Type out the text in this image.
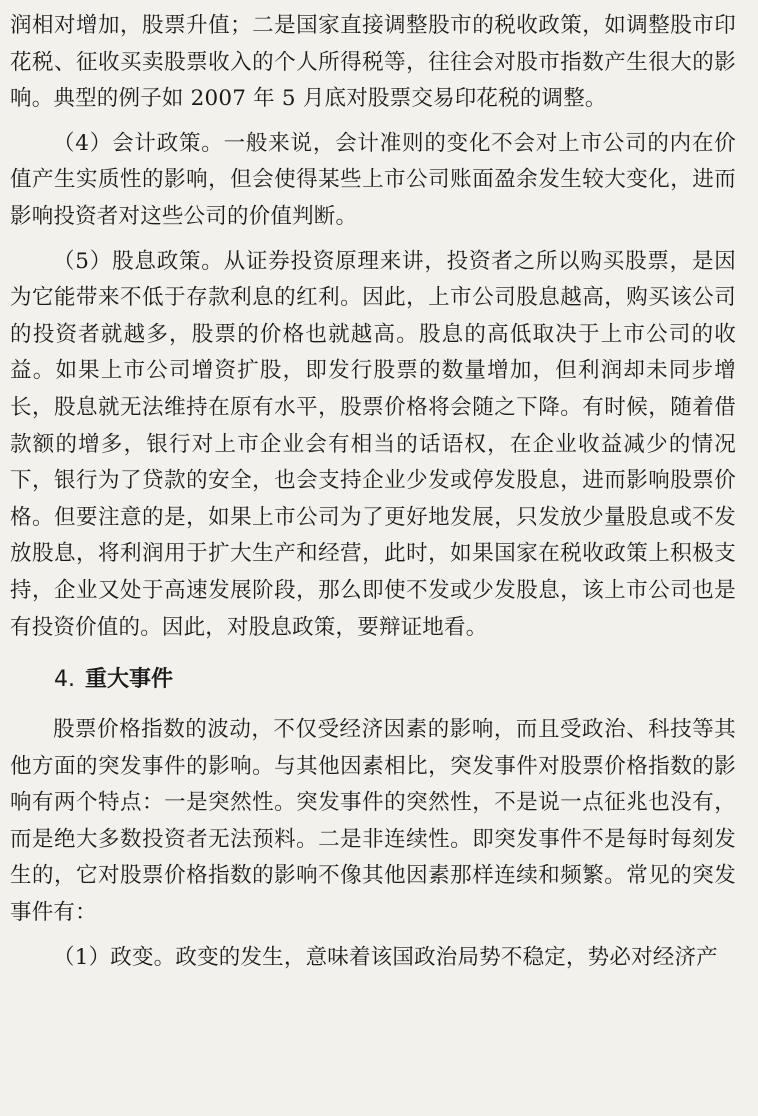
润相对增加，股票升值；二是国家直接调整股市的税收政策，如调整股市印花税、征收买卖股票收入的个人所得税等，往往会对股市指数产生很大的影响。典型的例子如 2007 年 5 月底对股票交易印花税的调整。

（4）会计政策。一般来说，会计准则的变化不会对上市公司的内在价值产生实质性的影响，但会使得某些上市公司账面盈余发生较大变化，进而影响投资者对这些公司的价值判断。

（5）股息政策。从证券投资原理来讲，投资者之所以购买股票，是因为它能带来不低于存款利息的红利。因此，上市公司股息越高，购买该公司的投资者就越多，股票的价格也就越高。股息的高低取决于上市公司的收益。如果上市公司增资扩股，即发行股票的数量增加，但利润却未同步增长，股息就无法维持在原有水平，股票价格将会随之下降。有时候，随着借款额的增多，银行对上市企业会有相当的话语权，在企业收益减少的情况下，银行为了贷款的安全，也会支持企业少发或停发股息，进而影响股票价格。但要注意的是，如果上市公司为了更好地发展，只发放少量股息或不发放股息，将利润用于扩大生产和经营，此时，如果国家在税收政策上积极支持，企业又处于高速发展阶段，那么即使不发或少发股息，该上市公司也是有投资价值的。因此，对股息政策，要辩证地看。

4. 重大事件

股票价格指数的波动，不仅受经济因素的影响，而且受政治、科技等其他方面的突发事件的影响。与其他因素相比，突发事件对股票价格指数的影响有两个特点：一是突然性。突发事件的突然性，不是说一点征兆也没有，而是绝大多数投资者无法预料。二是非连续性。即突发事件不是每时每刻发生的，它对股票价格指数的影响不像其他因素那样连续和频繁。常见的突发事件有：

（1）政变。政变的发生，意味着该国政治局势不稳定，势必对经济产
